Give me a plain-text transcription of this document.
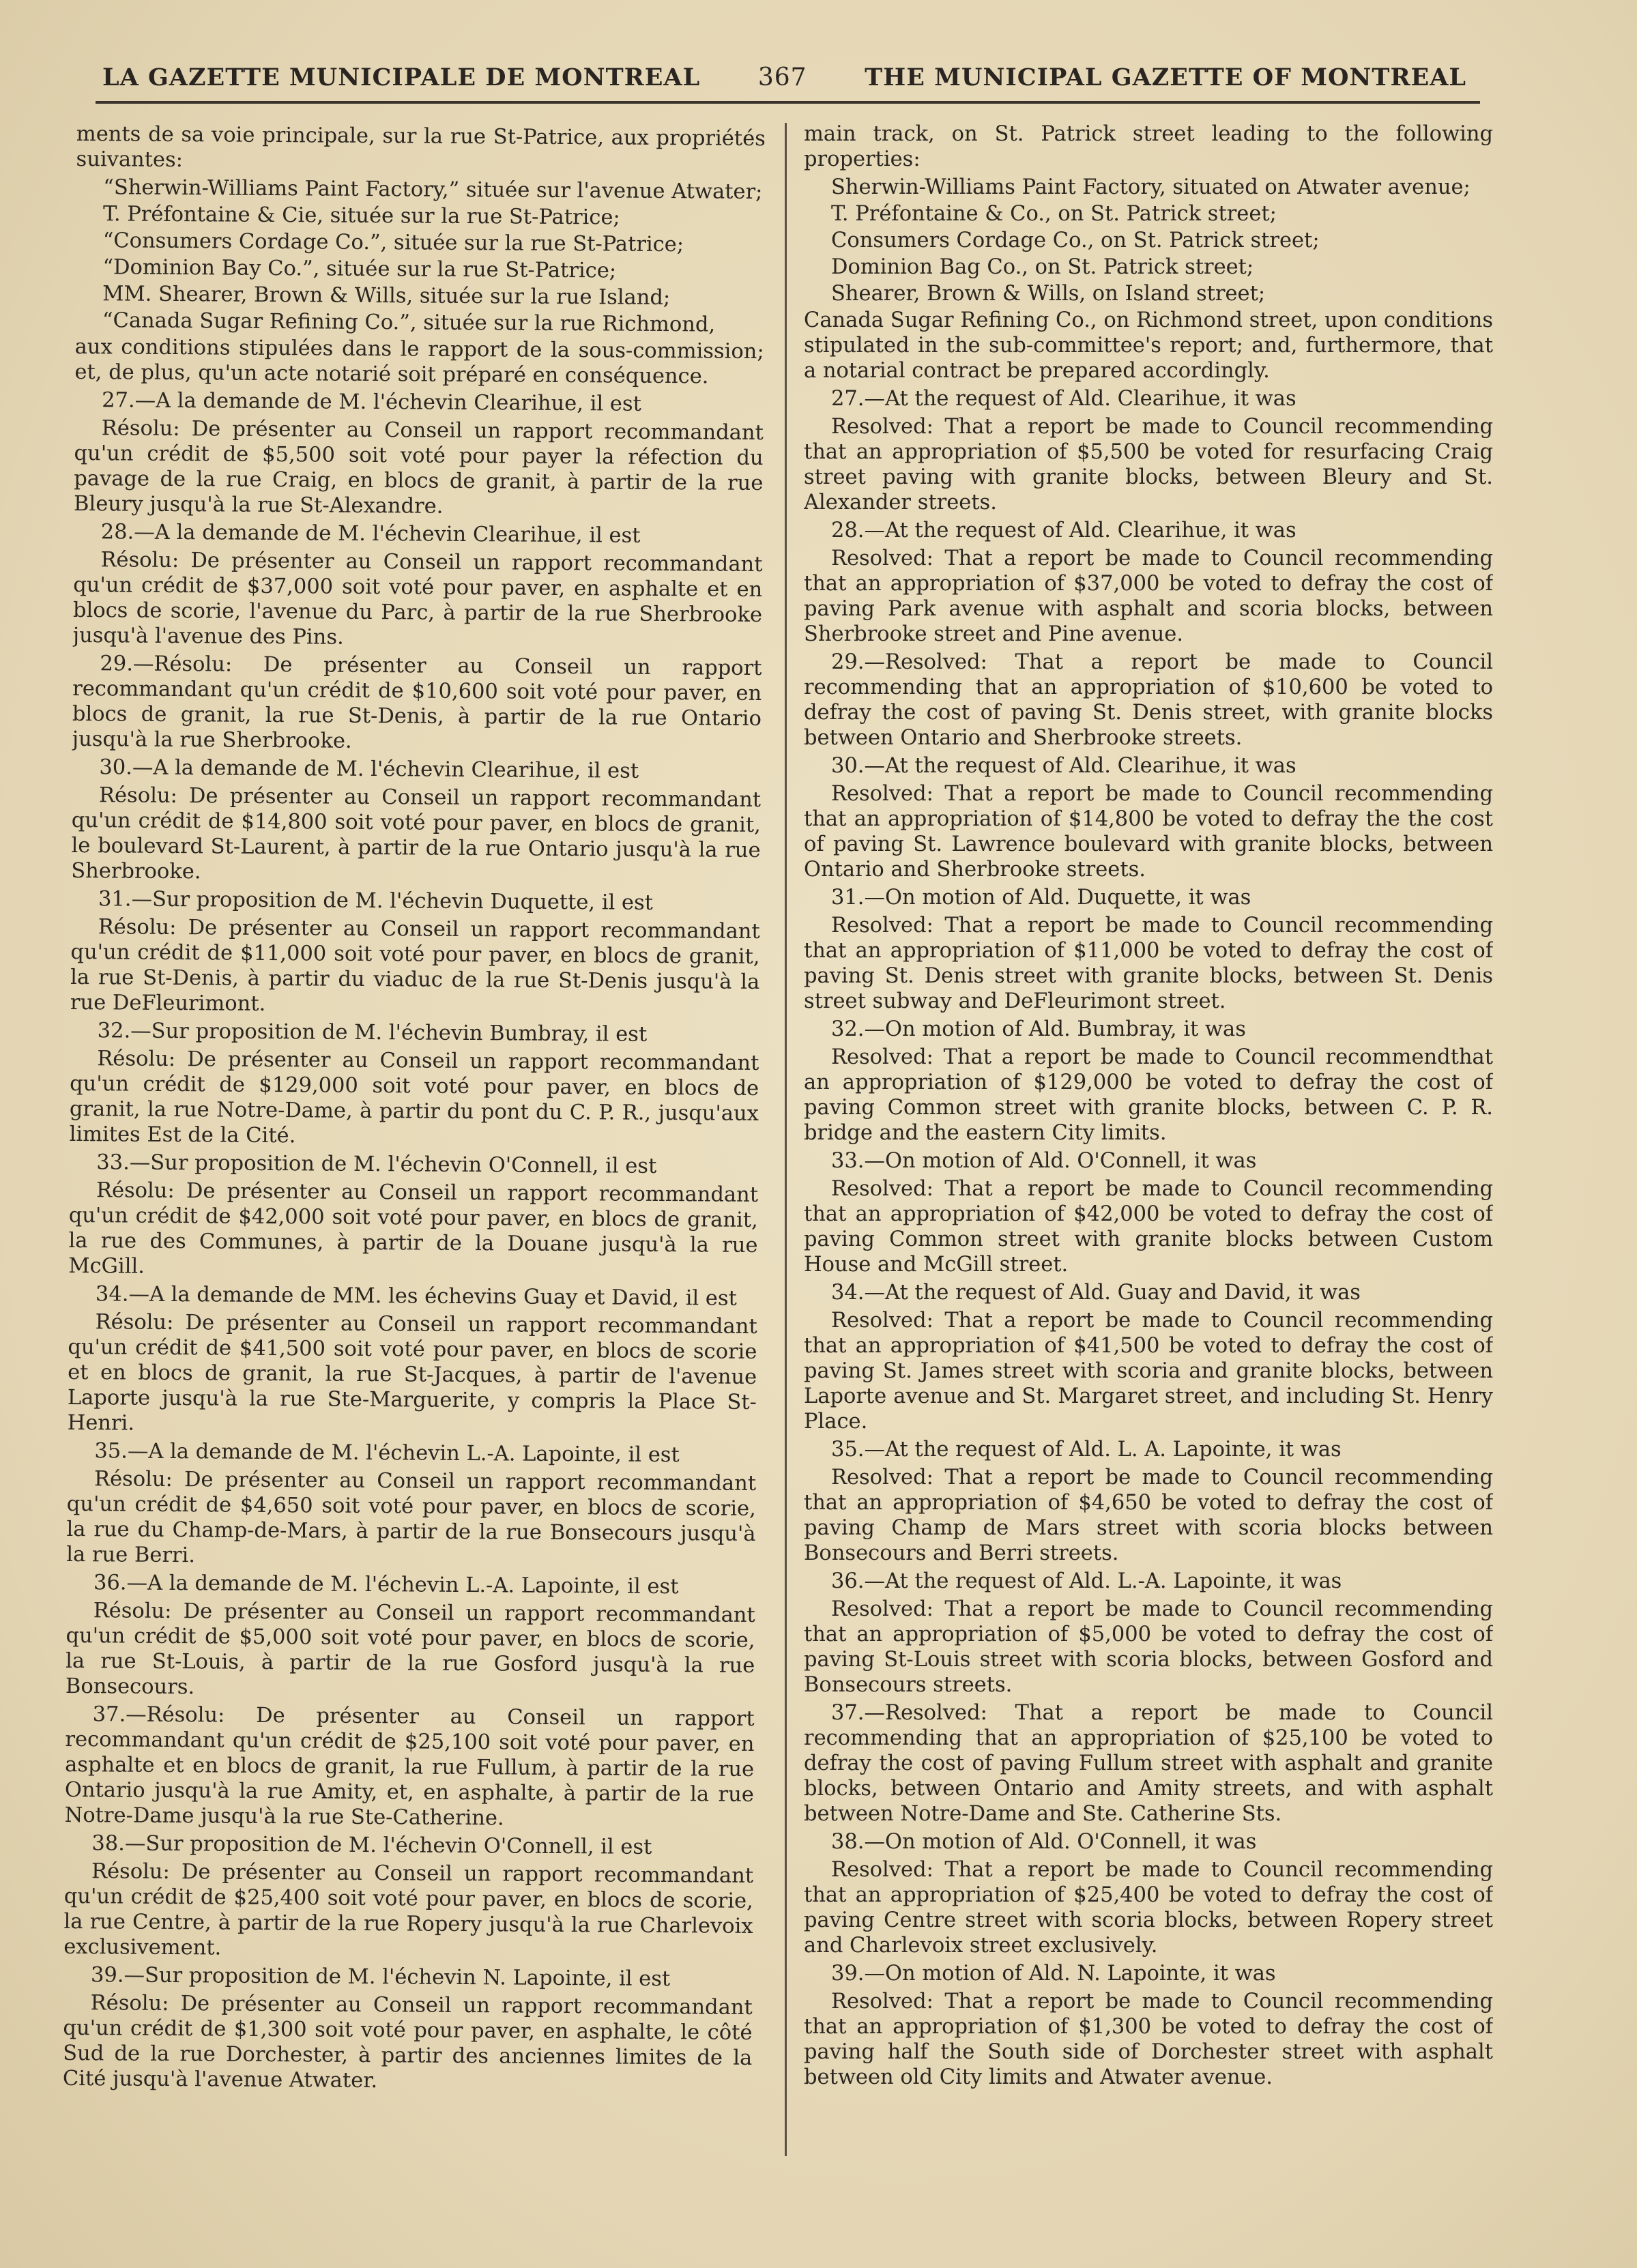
LA GAZETTE MUNICIPALE DE MONTREAL 367 THE MUNICIPAL GAZETTE OF MONTREAL

ments de sa voie principale, sur la rue St-Patrice, aux propriétés suivantes:

“Sherwin-Williams Paint Factory,” située sur l'avenue Atwater;

T. Préfontaine & Cie, située sur la rue St-Patrice;

“Consumers Cordage Co.”, située sur la rue St-Patrice;

“Dominion Bay Co.”, située sur la rue St-Patrice;

MM. Shearer, Brown & Wills, située sur la rue Island;

“Canada Sugar Refining Co.”, située sur la rue Richmond,

aux conditions stipulées dans le rapport de la sous-commission; et, de plus, qu'un acte notarié soit préparé en conséquence.

27.—A la demande de M. l'échevin Clearihue, il est

Résolu: De présenter au Conseil un rapport recommandant qu'un crédit de $5,500 soit voté pour payer la réfection du pavage de la rue Craig, en blocs de granit, à partir de la rue Bleury jusqu'à la rue St-Alexandre.

28.—A la demande de M. l'échevin Clearihue, il est

Résolu: De présenter au Conseil un rapport recommandant qu'un crédit de $37,000 soit voté pour paver, en asphalte et en blocs de scorie, l'avenue du Parc, à partir de la rue Sherbrooke jusqu'à l'avenue des Pins.

29.—Résolu: De présenter au Conseil un rapport recommandant qu'un crédit de $10,600 soit voté pour paver, en blocs de granit, la rue St-Denis, à partir de la rue Ontario jusqu'à la rue Sherbrooke.

30.—A la demande de M. l'échevin Clearihue, il est

Résolu: De présenter au Conseil un rapport recommandant qu'un crédit de $14,800 soit voté pour paver, en blocs de granit, le boulevard St-Laurent, à partir de la rue Ontario jusqu'à la rue Sherbrooke.

31.—Sur proposition de M. l'échevin Duquette, il est

Résolu: De présenter au Conseil un rapport recommandant qu'un crédit de $11,000 soit voté pour paver, en blocs de granit, la rue St-Denis, à partir du viaduc de la rue St-Denis jusqu'à la rue DeFleurimont.

32.—Sur proposition de M. l'échevin Bumbray, il est

Résolu: De présenter au Conseil un rapport recommandant qu'un crédit de $129,000 soit voté pour paver, en blocs de granit, la rue Notre-Dame, à partir du pont du C. P. R., jusqu'aux limites Est de la Cité.

33.—Sur proposition de M. l'échevin O'Connell, il est

Résolu: De présenter au Conseil un rapport recommandant qu'un crédit de $42,000 soit voté pour paver, en blocs de granit, la rue des Communes, à partir de la Douane jusqu'à la rue McGill.

34.—A la demande de MM. les échevins Guay et David, il est

Résolu: De présenter au Conseil un rapport recommandant qu'un crédit de $41,500 soit voté pour paver, en blocs de scorie et en blocs de granit, la rue St-Jacques, à partir de l'avenue Laporte jusqu'à la rue Ste-Marguerite, y compris la Place St-Henri.

35.—A la demande de M. l'échevin L.-A. Lapointe, il est

Résolu: De présenter au Conseil un rapport recommandant qu'un crédit de $4,650 soit voté pour paver, en blocs de scorie, la rue du Champ-de-Mars, à partir de la rue Bonsecours jusqu'à la rue Berri.

36.—A la demande de M. l'échevin L.-A. Lapointe, il est

Résolu: De présenter au Conseil un rapport recommandant qu'un crédit de $5,000 soit voté pour paver, en blocs de scorie, la rue St-Louis, à partir de la rue Gosford jusqu'à la rue Bonsecours.

37.—Résolu: De présenter au Conseil un rapport recommandant qu'un crédit de $25,100 soit voté pour paver, en asphalte et en blocs de granit, la rue Fullum, à partir de la rue Ontario jusqu'à la rue Amity, et, en asphalte, à partir de la rue Notre-Dame jusqu'à la rue Ste-Catherine.

38.—Sur proposition de M. l'échevin O'Connell, il est

Résolu: De présenter au Conseil un rapport recommandant qu'un crédit de $25,400 soit voté pour paver, en blocs de scorie, la rue Centre, à partir de la rue Ropery jusqu'à la rue Charlevoix exclusivement.

39.—Sur proposition de M. l'échevin N. Lapointe, il est

Résolu: De présenter au Conseil un rapport recommandant qu'un crédit de $1,300 soit voté pour paver, en asphalte, le côté Sud de la rue Dorchester, à partir des anciennes limites de la Cité jusqu'à l'avenue Atwater.

main track, on St. Patrick street leading to the following properties:

Sherwin-Williams Paint Factory, situated on Atwater avenue;

T. Préfontaine & Co., on St. Patrick street;

Consumers Cordage Co., on St. Patrick street;

Dominion Bag Co., on St. Patrick street;

Shearer, Brown & Wills, on Island street;

Canada Sugar Refining Co., on Richmond street, upon conditions stipulated in the sub-committee's report; and, furthermore, that a notarial contract be prepared accordingly.

27.—At the request of Ald. Clearihue, it was

Resolved: That a report be made to Council recommending that an appropriation of $5,500 be voted for resurfacing Craig street paving with granite blocks, between Bleury and St. Alexander streets.

28.—At the request of Ald. Clearihue, it was

Resolved: That a report be made to Council recommending that an appropriation of $37,000 be voted to defray the cost of paving Park avenue with asphalt and scoria blocks, between Sherbrooke street and Pine avenue.

29.—Resolved: That a report be made to Council recommending that an appropriation of $10,600 be voted to defray the cost of paving St. Denis street, with granite blocks between Ontario and Sherbrooke streets.

30.—At the request of Ald. Clearihue, it was

Resolved: That a report be made to Council recommending that an appropriation of $14,800 be voted to defray the the cost of paving St. Lawrence boulevard with granite blocks, between Ontario and Sherbrooke streets.

31.—On motion of Ald. Duquette, it was

Resolved: That a report be made to Council recommending that an appropriation of $11,000 be voted to defray the cost of paving St. Denis street with granite blocks, between St. Denis street subway and DeFleurimont street.

32.—On motion of Ald. Bumbray, it was

Resolved: That a report be made to Council recommendthat an appropriation of $129,000 be voted to defray the cost of paving Common street with granite blocks, between C. P. R. bridge and the eastern City limits.

33.—On motion of Ald. O'Connell, it was

Resolved: That a report be made to Council recommending that an appropriation of $42,000 be voted to defray the cost of paving Common street with granite blocks between Custom House and McGill street.

34.—At the request of Ald. Guay and David, it was

Resolved: That a report be made to Council recommending that an appropriation of $41,500 be voted to defray the cost of paving St. James street with scoria and granite blocks, between Laporte avenue and St. Margaret street, and including St. Henry Place.

35.—At the request of Ald. L. A. Lapointe, it was

Resolved: That a report be made to Council recommending that an appropriation of $4,650 be voted to defray the cost of paving Champ de Mars street with scoria blocks between Bonsecours and Berri streets.

36.—At the request of Ald. L.-A. Lapointe, it was

Resolved: That a report be made to Council recommending that an appropriation of $5,000 be voted to defray the cost of paving St-Louis street with scoria blocks, between Gosford and Bonsecours streets.

37.—Resolved: That a report be made to Council recommending that an appropriation of $25,100 be voted to defray the cost of paving Fullum street with asphalt and granite blocks, between Ontario and Amity streets, and with asphalt between Notre-Dame and Ste. Catherine Sts.

38.—On motion of Ald. O'Connell, it was

Resolved: That a report be made to Council recommending that an appropriation of $25,400 be voted to defray the cost of paving Centre street with scoria blocks, between Ropery street and Charlevoix street exclusively.

39.—On motion of Ald. N. Lapointe, it was

Resolved: That a report be made to Council recommending that an appropriation of $1,300 be voted to defray the cost of paving half the South side of Dorchester street with asphalt between old City limits and Atwater avenue.
